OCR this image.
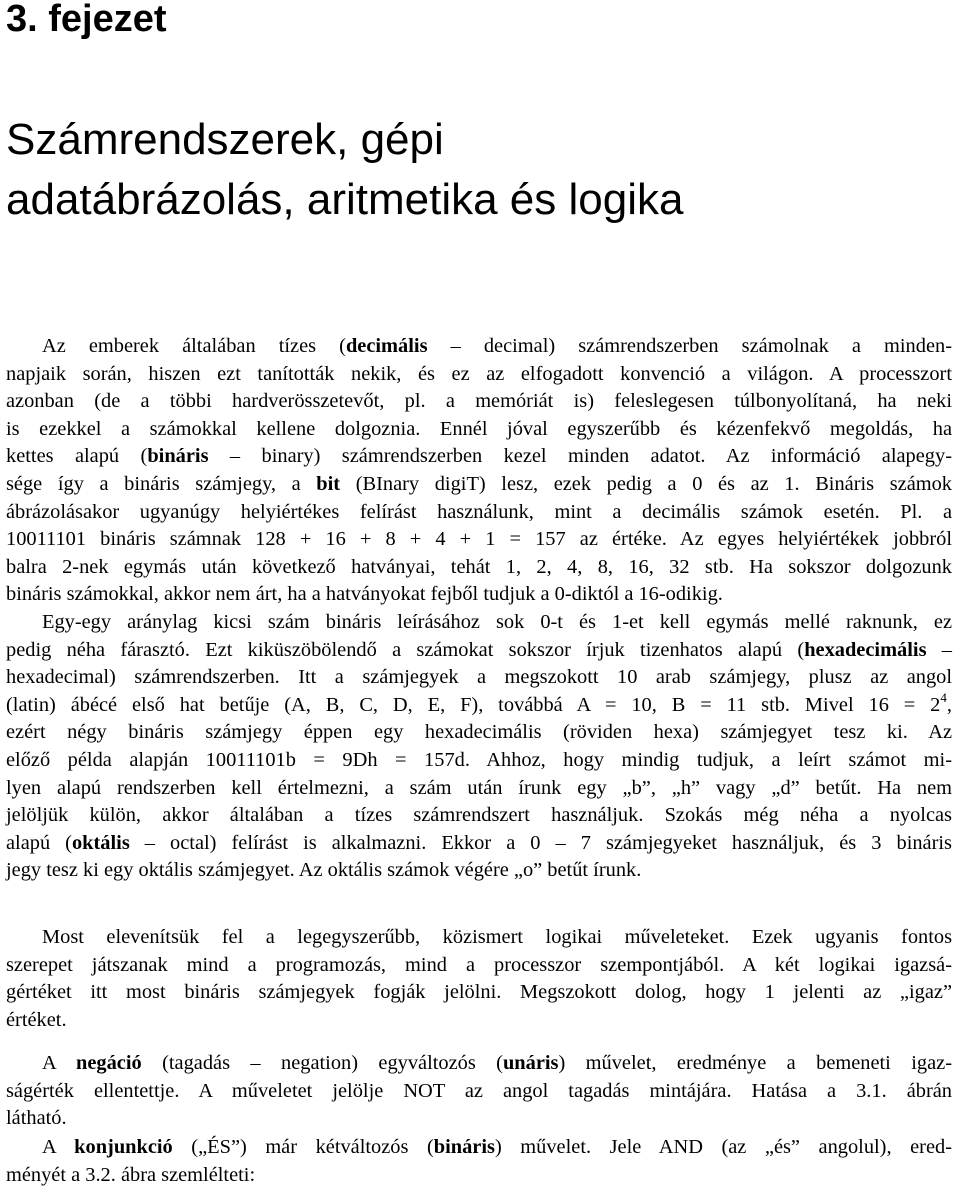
3. fejezet
Számrendszerek, gépi
adatábrázolás, aritmetika és logika
Az emberek általában tízes (decimális – decimal) számrendszerben számolnak a minden-
napjaik során, hiszen ezt tanították nekik, és ez az elfogadott konvenció a világon. A processzort
azonban (de a többi hardverösszetevőt, pl. a memóriát is) feleslegesen túlbonyolítaná, ha neki
is ezekkel a számokkal kellene dolgoznia. Ennél jóval egyszerűbb és kézenfekvő megoldás, ha
kettes alapú (bináris – binary) számrendszerben kezel minden adatot. Az információ alapegy-
sége így a bináris számjegy, a bit (BInary digiT) lesz, ezek pedig a 0 és az 1. Bináris számok
ábrázolásakor ugyanúgy helyiértékes felírást használunk, mint a decimális számok esetén. Pl. a
10011101 bináris számnak 128 + 16 + 8 + 4 + 1 = 157 az értéke. Az egyes helyiértékek jobbról
balra 2-nek egymás után következő hatványai, tehát 1, 2, 4, 8, 16, 32 stb. Ha sokszor dolgozunk
bináris számokkal, akkor nem árt, ha a hatványokat fejből tudjuk a 0-diktól a 16-odikig.
Egy-egy aránylag kicsi szám bináris leírásához sok 0-t és 1-et kell egymás mellé raknunk, ez
pedig néha fárasztó. Ezt kiküszöbölendő a számokat sokszor írjuk tizenhatos alapú (hexadecimális –
hexadecimal) számrendszerben. Itt a számjegyek a megszokott 10 arab számjegy, plusz az angol
(latin) ábécé első hat betűje (A, B, C, D, E, F), továbbá A = 10, B = 11 stb. Mivel $16 = 2^4$,
ezért négy bináris számjegy éppen egy hexadecimális (röviden hexa) számjegyet tesz ki. Az
előző példa alapján 10011101b = 9Dh = 157d. Ahhoz, hogy mindig tudjuk, a leírt számot mi-
lyen alapú rendszerben kell értelmezni, a szám után írunk egy „b”, „h” vagy „d” betűt. Ha nem
jelöljük külön, akkor általában a tízes számrendszert használjuk. Szokás még néha a nyolcas
alapú (oktális – octal) felírást is alkalmazni. Ekkor a 0 – 7 számjegyeket használjuk, és 3 bináris
jegy tesz ki egy oktális számjegyet. Az oktális számok végére „o” betűt írunk.
Most elevenítsük fel a legegyszerűbb, közismert logikai műveleteket. Ezek ugyanis fontos
szerepet játszanak mind a programozás, mind a processzor szempontjából. A két logikai igazsá-
gértéket itt most bináris számjegyek fogják jelölni. Megszokott dolog, hogy 1 jelenti az „igaz”
értéket.
A negáció (tagadás – negation) egyváltozós (unáris) művelet, eredménye a bemeneti igaz-
ságérték ellentettje. A műveletet jelölje NOT az angol tagadás mintájára. Hatása a 3.1. ábrán
látható.
A konjunkció („ÉS”) már kétváltozós (bináris) művelet. Jele AND (az „és” angolul), ered-
ményét a 3.2. ábra szemlélteti:
